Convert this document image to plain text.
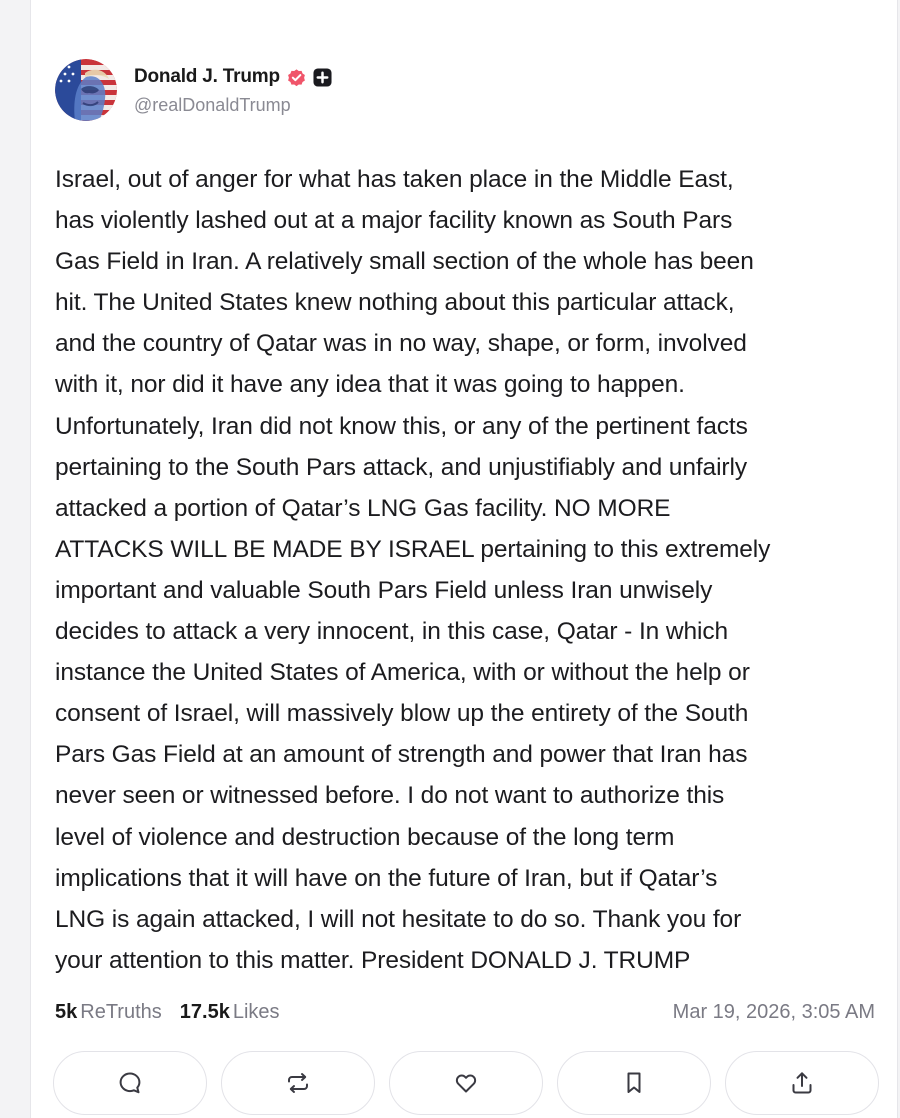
Donald J. Trump
@realDonaldTrump
Israel, out of anger for what has taken place in the Middle East,
has violently lashed out at a major facility known as South Pars
Gas Field in Iran. A relatively small section of the whole has been
hit. The United States knew nothing about this particular attack,
and the country of Qatar was in no way, shape, or form, involved
with it, nor did it have any idea that it was going to happen.
Unfortunately, Iran did not know this, or any of the pertinent facts
pertaining to the South Pars attack, and unjustifiably and unfairly
attacked a portion of Qatar’s LNG Gas facility. NO MORE
ATTACKS WILL BE MADE BY ISRAEL pertaining to this extremely
important and valuable South Pars Field unless Iran unwisely
decides to attack a very innocent, in this case, Qatar - In which
instance the United States of America, with or without the help or
consent of Israel, will massively blow up the entirety of the South
Pars Gas Field at an amount of strength and power that Iran has
never seen or witnessed before. I do not want to authorize this
level of violence and destruction because of the long term
implications that it will have on the future of Iran, but if Qatar’s
LNG is again attacked, I will not hesitate to do so. Thank you for
your attention to this matter. President DONALD J. TRUMP
5k ReTruths 17.5k Likes	Mar 19, 2026, 3:05 AM
